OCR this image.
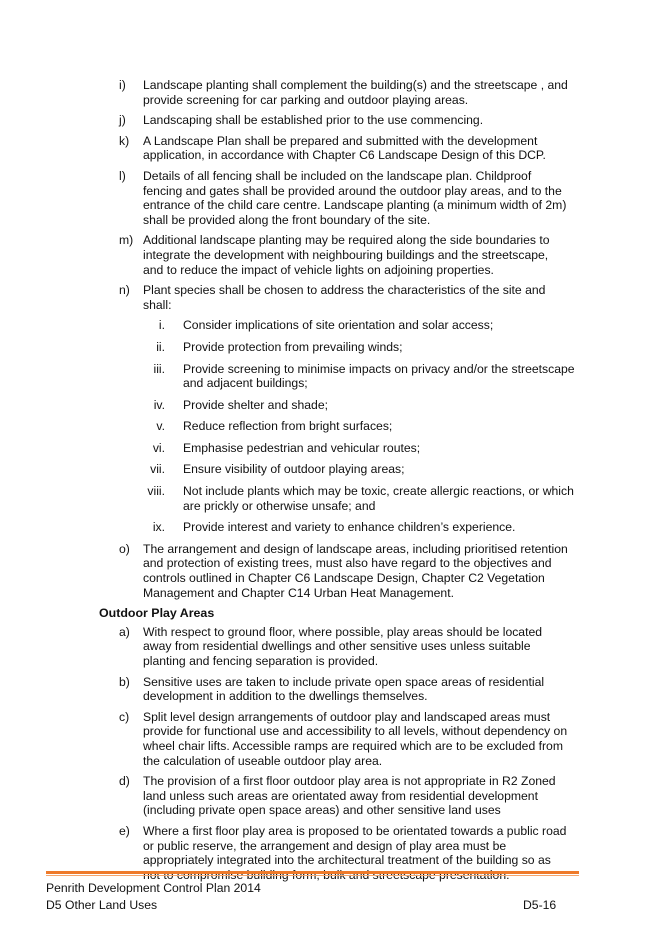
i) Landscape planting shall complement the building(s) and the streetscape , and provide screening for car parking and outdoor playing areas.
j) Landscaping shall be established prior to the use commencing.
k) A Landscape Plan shall be prepared and submitted with the development application, in accordance with Chapter C6 Landscape Design of this DCP.
l) Details of all fencing shall be included on the landscape plan. Childproof fencing and gates shall be provided around the outdoor play areas, and to the entrance of the child care centre. Landscape planting (a minimum width of 2m) shall be provided along the front boundary of the site.
m) Additional landscape planting may be required along the side boundaries to integrate the development with neighbouring buildings and the streetscape, and to reduce the impact of vehicle lights on adjoining properties.
n) Plant species shall be chosen to address the characteristics of the site and shall:
i. Consider implications of site orientation and solar access;
ii. Provide protection from prevailing winds;
iii. Provide screening to minimise impacts on privacy and/or the streetscape and adjacent buildings;
iv. Provide shelter and shade;
v. Reduce reflection from bright surfaces;
vi. Emphasise pedestrian and vehicular routes;
vii. Ensure visibility of outdoor playing areas;
viii. Not include plants which may be toxic, create allergic reactions, or which are prickly or otherwise unsafe; and
ix. Provide interest and variety to enhance children’s experience.
o) The arrangement and design of landscape areas, including prioritised retention and protection of existing trees, must also have regard to the objectives and controls outlined in Chapter C6 Landscape Design, Chapter C2 Vegetation Management and Chapter C14 Urban Heat Management.
Outdoor Play Areas
a) With respect to ground floor, where possible, play areas should be located away from residential dwellings and other sensitive uses unless suitable planting and fencing separation is provided.
b) Sensitive uses are taken to include private open space areas of residential development in addition to the dwellings themselves.
c) Split level design arrangements of outdoor play and landscaped areas must provide for functional use and accessibility to all levels, without dependency on wheel chair lifts. Accessible ramps are required which are to be excluded from the calculation of useable outdoor play area.
d) The provision of a first floor outdoor play area is not appropriate in R2 Zoned land unless such areas are orientated away from residential development (including private open space areas) and other sensitive land uses
e) Where a first floor play area is proposed to be orientated towards a public road or public reserve, the arrangement and design of play area must be appropriately integrated into the architectural treatment of the building so as
Penrith Development Control Plan 2014
D5 Other Land Uses	D5-16
